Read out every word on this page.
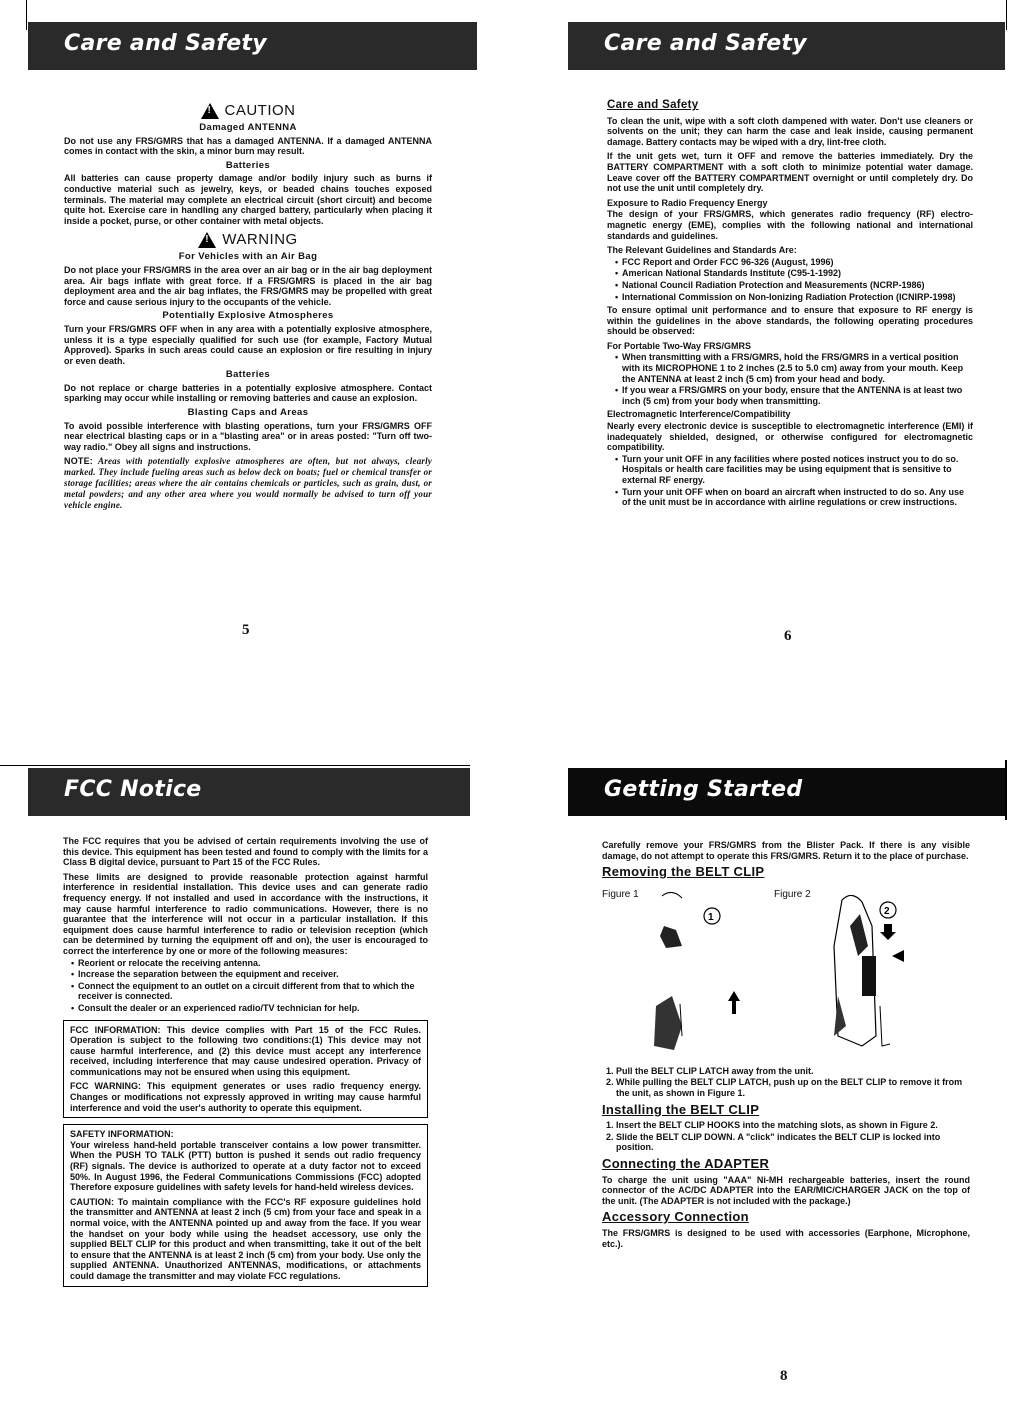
Care and Safety
!
CAUTION
Damaged ANTENNA

Do not use any FRS/GMRS that has a damaged ANTENNA. If a damaged ANTENNA comes in contact with the skin, a minor burn may result.

Batteries

All batteries can cause property damage and/or bodily injury such as burns if conductive material such as jewelry, keys, or beaded chains touches exposed terminals. The material may complete an electrical circuit (short circuit) and become quite hot. Exercise care in handling any charged battery, particularly when placing it inside a pocket, purse, or other container with metal objects.

!
WARNING
For Vehicles with an Air Bag

Do not place your FRS/GMRS in the area over an air bag or in the air bag deployment area. Air bags inflate with great force. If a FRS/GMRS is placed in the air bag deployment area and the air bag inflates, the FRS/GMRS may be propelled with great force and cause serious injury to the occupants of the vehicle.

Potentially Explosive Atmospheres

Turn your FRS/GMRS OFF when in any area with a potentially explosive atmosphere, unless it is a type especially qualified for such use (for example, Factory Mutual Approved). Sparks in such areas could cause an explosion or fire resulting in injury or even death.

Batteries

Do not replace or charge batteries in a potentially explosive atmosphere. Contact sparking may occur while installing or removing batteries and cause an explosion.

Blasting Caps and Areas

To avoid possible interference with blasting operations, turn your FRS/GMRS OFF near electrical blasting caps or in a "blasting area" or in areas posted: "Turn off two-way radio." Obey all signs and instructions.

NOTE: Areas with potentially explosive atmospheres are often, but not always, clearly marked. They include fueling areas such as below deck on boats; fuel or chemical transfer or storage facilities; areas where the air contains chemicals or particles, such as grain, dust, or metal powders; and any other area where you would normally be advised to turn off your vehicle engine.

5
Care and Safety
Care and Safety

To clean the unit, wipe with a soft cloth dampened with water. Don't use cleaners or solvents on the unit; they can harm the case and leak inside, causing permanent damage. Battery contacts may be wiped with a dry, lint-free cloth.

If the unit gets wet, turn it OFF and remove the batteries immediately. Dry the BATTERY COMPARTMENT with a soft cloth to minimize potential water damage. Leave cover off the BATTERY COMPARTMENT overnight or until completely dry. Do not use the unit until completely dry.

Exposure to Radio Frequency Energy

The design of your FRS/GMRS, which generates radio frequency (RF) electro-magnetic energy (EME), complies with the following national and international standards and guidelines.

The Relevant Guidelines and Standards Are:
• FCC Report and Order FCC 96-326 (August, 1996)
• American National Standards Institute (C95-1-1992)
• National Council Radiation Protection and Measurements (NCRP-1986)
• International Commission on Non-Ionizing Radiation Protection (ICNIRP-1998)

To ensure optimal unit performance and to ensure that exposure to RF energy is within the guidelines in the above standards, the following operating procedures should be observed:

For Portable Two-Way FRS/GMRS
• When transmitting with a FRS/GMRS, hold the FRS/GMRS in a vertical position with its MICROPHONE 1 to 2 inches (2.5 to 5.0 cm) away from your mouth. Keep the ANTENNA at least 2 inch (5 cm) from your head and body.
• If you wear a FRS/GMRS on your body, ensure that the ANTENNA is at least two inch (5 cm) from your body when transmitting.
Electromagnetic Interference/Compatibility

Nearly every electronic device is susceptible to electromagnetic interference (EMI) if inadequately shielded, designed, or otherwise configured for electromagnetic compatibility.

• Turn your unit OFF in any facilities where posted notices instruct you to do so. Hospitals or health care facilities may be using equipment that is sensitive to external RF energy.
• Turn your unit OFF when on board an aircraft when instructed to do so. Any use of the unit must be in accordance with airline regulations or crew instructions.
6
FCC Notice

The FCC requires that you be advised of certain requirements involving the use of this device. This equipment has been tested and found to comply with the limits for a Class B digital device, pursuant to Part 15 of the FCC Rules.

These limits are designed to provide reasonable protection against harmful interference in residential installation. This device uses and can generate radio frequency energy. If not installed and used in accordance with the instructions, it may cause harmful interference to radio communications. However, there is no guarantee that the interference will not occur in a particular installation. If this equipment does cause harmful interference to radio or television reception (which can be determined by turning the equipment off and on), the user is encouraged to correct the interference by one or more of the following measures:

• Reorient or relocate the receiving antenna.
• Increase the separation between the equipment and receiver.
• Connect the equipment to an outlet on a circuit different from that to which the receiver is connected.
• Consult the dealer or an experienced radio/TV technician for help.

FCC INFORMATION: This device complies with Part 15 of the FCC Rules. Operation is subject to the following two conditions:(1) This device may not cause harmful interference, and (2) this device must accept any interference received, including interference that may cause undesired operation. Privacy of communications may not be ensured when using this equipment.

FCC WARNING: This equipment generates or uses radio frequency energy. Changes or modifications not expressly approved in writing may cause harmful interference and void the user's authority to operate this equipment.

SAFETY INFORMATION:

Your wireless hand-held portable transceiver contains a low power transmitter. When the PUSH TO TALK (PTT) button is pushed it sends out radio frequency (RF) signals. The device is authorized to operate at a duty factor not to exceed 50%. In August 1996, the Federal Communications Commissions (FCC) adopted Therefore exposure guidelines with safety levels for hand-held wireless devices.

CAUTION: To maintain compliance with the FCC's RF exposure guidelines hold the transmitter and ANTENNA at least 2 inch (5 cm) from your face and speak in a normal voice, with the ANTENNA pointed up and away from the face. If you wear the handset on your body while using the headset accessory, use only the supplied BELT CLIP for this product and when transmitting, take it out of the belt to ensure that the ANTENNA is at least 2 inch (5 cm) from your body. Use only the supplied ANTENNA. Unauthorized ANTENNAS, modifications, or attachments could damage the transmitter and may violate FCC regulations.

Getting Started

Carefully remove your FRS/GMRS from the Blister Pack. If there is any visible damage, do not attempt to operate this FRS/GMRS. Return it to the place of purchase.

Removing the BELT CLIP
Figure 1	Figure 2
1
2
1. Pull the BELT CLIP LATCH away from the unit.
2. While pulling the BELT CLIP LATCH, push up on the BELT CLIP to remove it from the unit, as shown in Figure 1.
Installing the BELT CLIP
1. Insert the BELT CLIP HOOKS into the matching slots, as shown in Figure 2.
2. Slide the BELT CLIP DOWN. A "click" indicates the BELT CLIP is locked into position.
Connecting the ADAPTER

To charge the unit using "AAA" Ni-MH rechargeable batteries, insert the round connector of the AC/DC ADAPTER into the EAR/MIC/CHARGER JACK on the top of the unit. (The ADAPTER is not included with the package.)

Accessory Connection

The FRS/GMRS is designed to be used with accessories (Earphone, Microphone, etc.).

8
